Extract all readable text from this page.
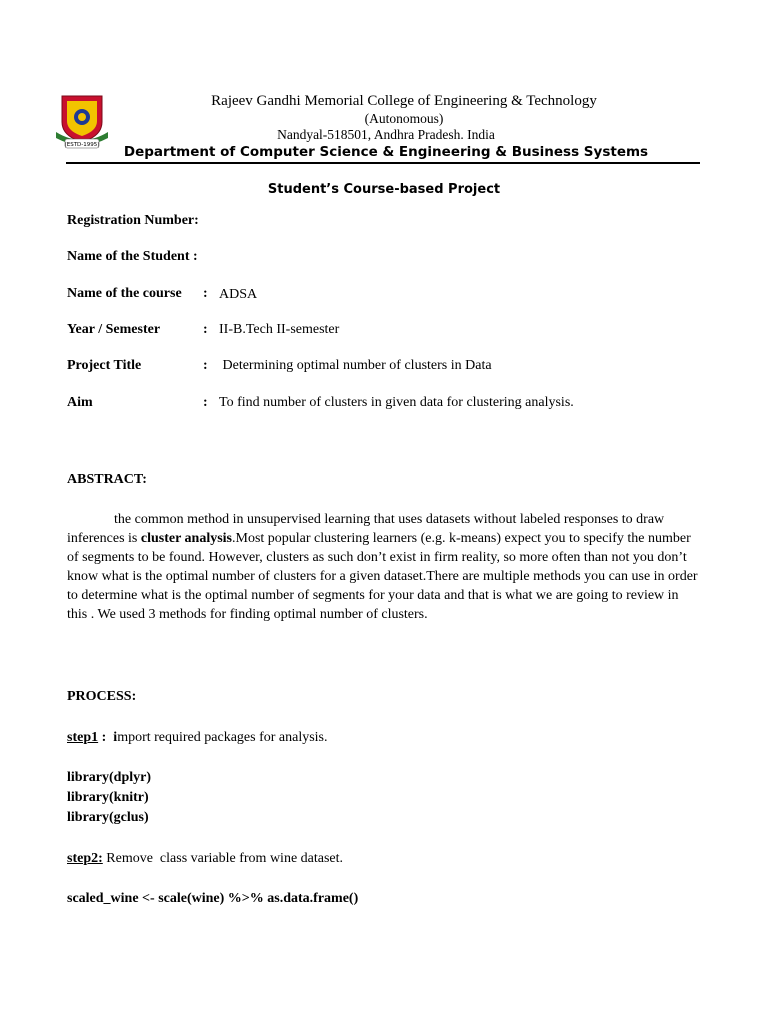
(ESTD-1995)
Rajeev Gandhi Memorial College of Engineering & Technology
(Autonomous)
Nandyal-518501, Andhra Pradesh. India
Department of Computer Science & Engineering & Business Systems
Student’s Course-based Project
Registration Number:
Name of the Student :
Name of the course : ADSA
Year / Semester	: II-B.Tech II-semester
Project Title	: Determining optimal number of clusters in Data
Aim	: To find number of clusters in given data for clustering analysis.
ABSTRACT:

the common method in unsupervised learning that uses datasets without labeled responses to draw inferences is cluster analysis.Most popular clustering learners (e.g. k-means) expect you to specify the number of segments to be found. However, clusters as such don’t exist in firm reality, so more often than not you don’t know what is the optimal number of clusters for a given dataset.There are multiple methods you can use in order to determine what is the optimal number of segments for your data and that is what we are going to review in this . We used 3 methods for finding optimal number of clusters.

PROCESS:
step1 :  import required packages for analysis.
library(dplyr)
library(knitr)
library(gclus)
step2: Remove  class variable from wine dataset.
scaled_wine <- scale(wine) %>% as.data.frame()
